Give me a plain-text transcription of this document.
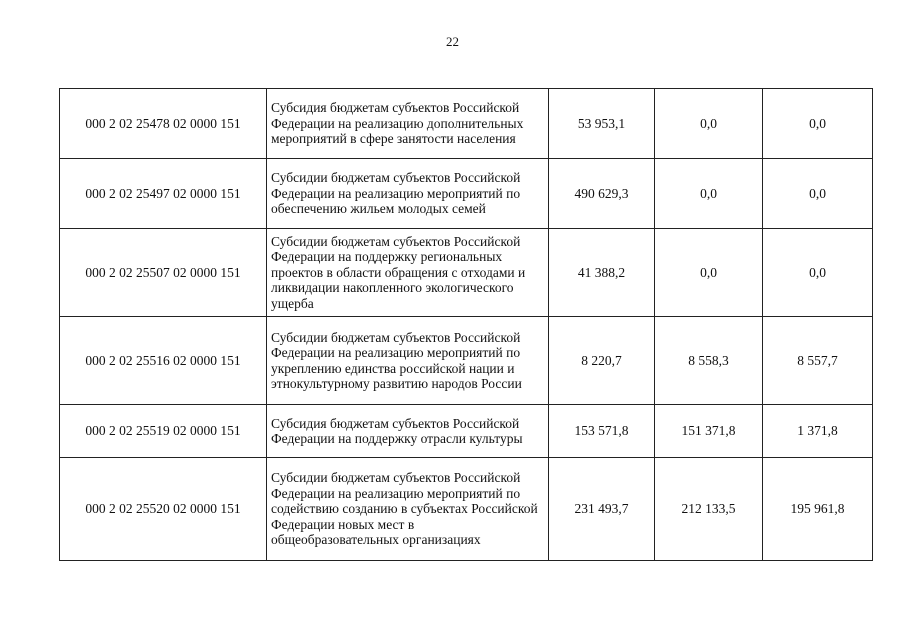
22
000 2 02 25478 02 0000 151	Субсидия бюджетам субъектов Российской Федерации на реализацию дополнительных мероприятий в сфере занятости населения	53 953,1	0,0	0,0
000 2 02 25497 02 0000 151	Субсидии бюджетам субъектов Российской Федерации на реализацию мероприятий по обеспечению жильем молодых семей	490 629,3	0,0	0,0
000 2 02 25507 02 0000 151	Субсидии бюджетам субъектов Российской Федерации на поддержку региональных проектов в области обращения с отходами и ликвидации накопленного экологического ущерба	41 388,2	0,0	0,0
000 2 02 25516 02 0000 151	Субсидии бюджетам субъектов Российской Федерации на реализацию мероприятий по укреплению единства российской нации и этнокультурному развитию народов России	8 220,7	8 558,3	8 557,7
000 2 02 25519 02 0000 151	Субсидия бюджетам субъектов Российской Федерации на поддержку отрасли культуры	153 571,8	151 371,8	1 371,8
000 2 02 25520 02 0000 151	Субсидии бюджетам субъектов Российской Федерации на реализацию мероприятий по содействию созданию в субъектах Российской Федерации новых мест в общеобразовательных организациях	231 493,7	212 133,5	195 961,8
